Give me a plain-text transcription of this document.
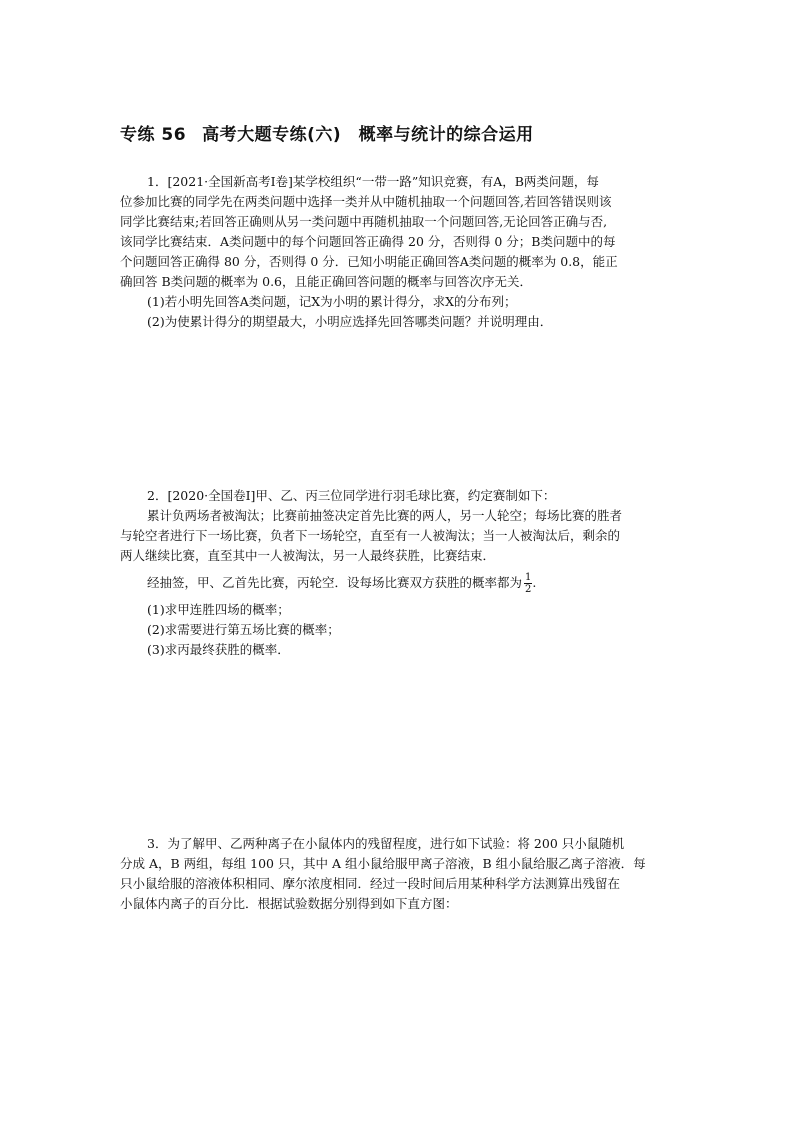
专练 56 高考大题专练(六)　概率与统计的综合运用
1．[2021·全国新高考Ⅰ卷]某学校组织“一带一路”知识竞赛，有A，B两类问题，每
位参加比赛的同学先在两类问题中选择一类并从中随机抽取一个问题回答,若回答错误则该
同学比赛结束;若回答正确则从另一类问题中再随机抽取一个问题回答,无论回答正确与否,
该同学比赛结束．A类问题中的每个问题回答正确得 20 分，否则得 0 分；B类问题中的每
个问题回答正确得 80 分，否则得 0 分．已知小明能正确回答A类问题的概率为 0.8，能正
确回答 B类问题的概率为 0.6，且能正确回答问题的概率与回答次序无关．
(1)若小明先回答A类问题，记X为小明的累计得分，求X的分布列；
(2)为使累计得分的期望最大，小明应选择先回答哪类问题？并说明理由．
2．[2020·全国卷Ⅰ]甲、乙、丙三位同学进行羽毛球比赛，约定赛制如下：
累计负两场者被淘汰；比赛前抽签决定首先比赛的两人，另一人轮空；每场比赛的胜者
与轮空者进行下一场比赛，负者下一场轮空，直至有一人被淘汰；当一人被淘汰后，剩余的
两人继续比赛，直至其中一人被淘汰，另一人最终获胜，比赛结束．
经抽签，甲、乙首先比赛，丙轮空．设每场比赛双方获胜的概率都为 $\frac{1}{2}$ .
(1)求甲连胜四场的概率；
(2)求需要进行第五场比赛的概率；
(3)求丙最终获胜的概率．
3．为了解甲、乙两种离子在小鼠体内的残留程度，进行如下试验：将 200 只小鼠随机
分成 A，B 两组，每组 100 只，其中 A 组小鼠给服甲离子溶液，B 组小鼠给服乙离子溶液．每
只小鼠给服的溶液体积相同、摩尔浓度相同．经过一段时间后用某种科学方法测算出残留在
小鼠体内离子的百分比．根据试验数据分别得到如下直方图：
